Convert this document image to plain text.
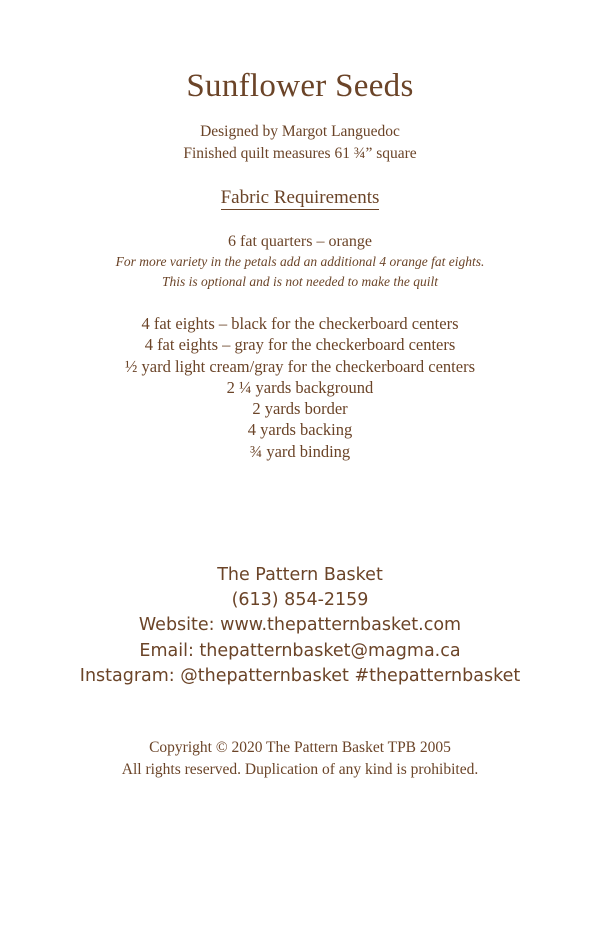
Sunflower Seeds
Designed by Margot Languedoc
Finished quilt measures 61 ¾” square
Fabric Requirements
6 fat quarters – orange
For more variety in the petals add an additional 4 orange fat eights.
This is optional and is not needed to make the quilt
4 fat eights – black for the checkerboard centers
4 fat eights – gray for the checkerboard centers
½ yard light cream/gray for the checkerboard centers
2 ¼ yards background
2 yards border
4 yards backing
¾ yard binding
The Pattern Basket
(613) 854-2159
Website: www.thepatternbasket.com
Email: thepatternbasket@magma.ca
Instagram: @thepatternbasket #thepatternbasket
Copyright © 2020 The Pattern Basket TPB 2005
All rights reserved. Duplication of any kind is prohibited.
